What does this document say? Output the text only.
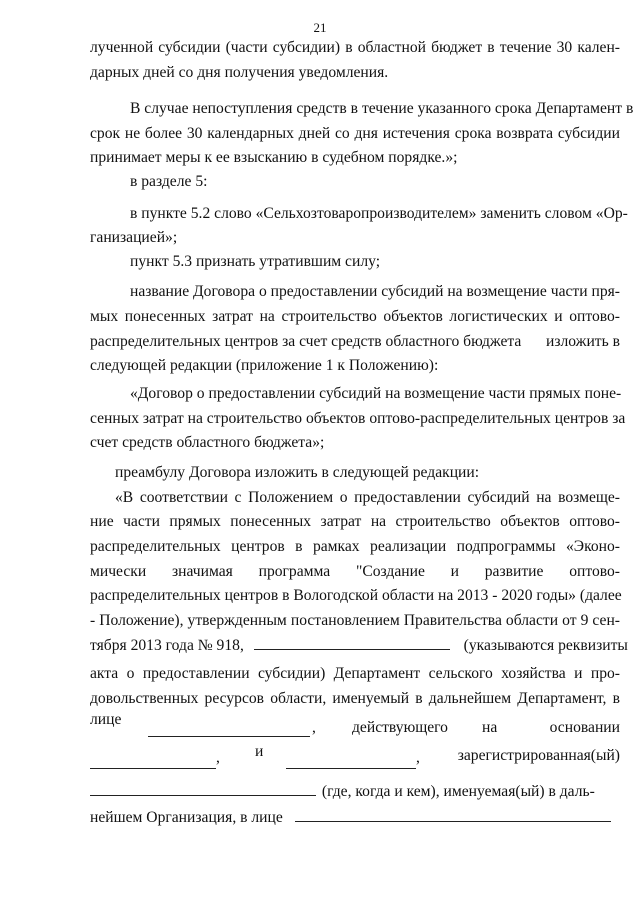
21
лученной субсидии (части субсидии) в областной бюджет в течение 30 кален-
дарных дней со дня получения уведомления.
В случае непоступления средств в течение указанного срока Департамент в
срок не более 30 календарных дней со дня истечения срока возврата субсидии
принимает меры к ее взысканию в судебном порядке.»;
в разделе 5:
в пункте 5.2 слово «Сельхозтоваропроизводителем» заменить словом «Ор-
ганизацией»;
пункт 5.3 признать утратившим силу;
название Договора о предоставлении субсидий на возмещение части пря-
мых понесенных затрат на строительство объектов логистических и оптово-
распределительных центров за счет средств областного бюджета изложить в
следующей редакции (приложение 1 к Положению):
«Договор о предоставлении субсидий на возмещение части прямых поне-
сенных затрат на строительство объектов оптово-распределительных центров за
счет средств областного бюджета»;
преамбулу Договора изложить в следующей редакции:
«В соответствии с Положением о предоставлении субсидий на возмеще-
ние части прямых понесенных затрат на строительство объектов оптово-
распределительных центров в рамках реализации подпрограммы «Эконо-
мически значимая программа "Создание и развитие оптово-
распределительных центров в Вологодской области на 2013 - 2020 годы» (далее
- Положение), утвержденным постановлением Правительства области от 9 сен-
тября 2013 года № 918,	(указываются реквизиты
акта о предоставлении субсидии) Департамент сельского хозяйства и про-
довольственных ресурсов области, именуемый в дальнейшем Департамент, в
лице	, действующего на	основании
, и	, зарегистрированная(ый)
(где, когда и кем), именуемая(ый) в даль-
нейшем Организация, в лице
